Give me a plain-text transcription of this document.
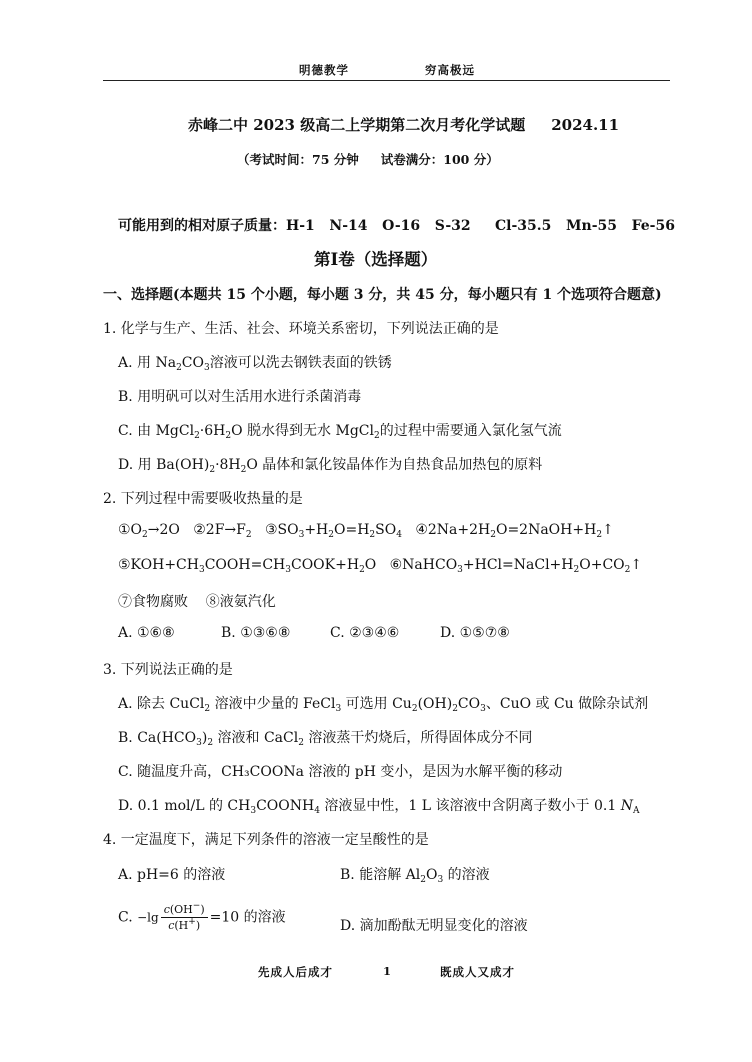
明德教学	穷高极远
赤峰二中 2023 级高二上学期第二次月考化学试题 2024.11
（考试时间：75 分钟 试卷满分：100 分）
可能用到的相对原子质量：H-1   N-14   O-16   S-32     Cl-35.5   Mn-55   Fe-56
第Ⅰ卷（选择题）
一、选择题(本题共 15 个小题，每小题 3 分，共 45 分，每小题只有 1 个选项符合题意)
1. 化学与生产、生活、社会、环境关系密切，下列说法正确的是
A. 用 $Na_2CO_3$溶液可以洗去钢铁表面的铁锈
B. 用明矾可以对生活用水进行杀菌消毒
C. 由 $MgCl_2\cdot 6H_2O$ 脱水得到无水 MgCl$_2$的过程中需要通入氯化氢气流
D. 用 $Ba(OH)_2\cdot 8H_2O$ 晶体和氯化铵晶体作为自热食品加热包的原料
2. 下列过程中需要吸收热量的是
$①O_2\to 2O$   $②2F\to F_2$   $③SO_3+H_2O=H_2SO_4$   $④2Na+2H_2O=2NaOH+H_2↑$
$⑤KOH+CH_3COOH=CH_3COOK+H_2O$   $⑥NaHCO_3+HCl=NaCl+H_2O+CO_2↑$
⑦食物腐败    ⑧液氨汽化
A. ①⑥⑧	B. ①③⑥⑧	C. ②③④⑥	D. ①⑤⑦⑧
3. 下列说法正确的是
A. 除去 CuCl$_2$ 溶液中少量的 FeCl$_3$ 可选用 $Cu_2(OH)_2CO_3$、CuO 或 Cu 做除杂试剂
B. $Ca(HCO_3)_2$ 溶液和 CaCl$_2$ 溶液蒸干灼烧后，所得固体成分不同
C. 随温度升高，CH₃COONa 溶液的 pH 变小，是因为水解平衡的移动
D. 0.1 mol/L 的 $CH_3COONH_4$ 溶液显中性，1 L 该溶液中含阴离子数小于 0.1 $N_A$
4. 一定温度下，满足下列条件的溶液一定呈酸性的是
A. pH=6 的溶液	B. 能溶解 $Al_2O_3$ 的溶液
C. $-\lg \frac{c(OH^-)}{c(H^+)} =10$ 的溶液
D. 滴加酚酞无明显变化的溶液
先成人后成才	1	既成人又成才
